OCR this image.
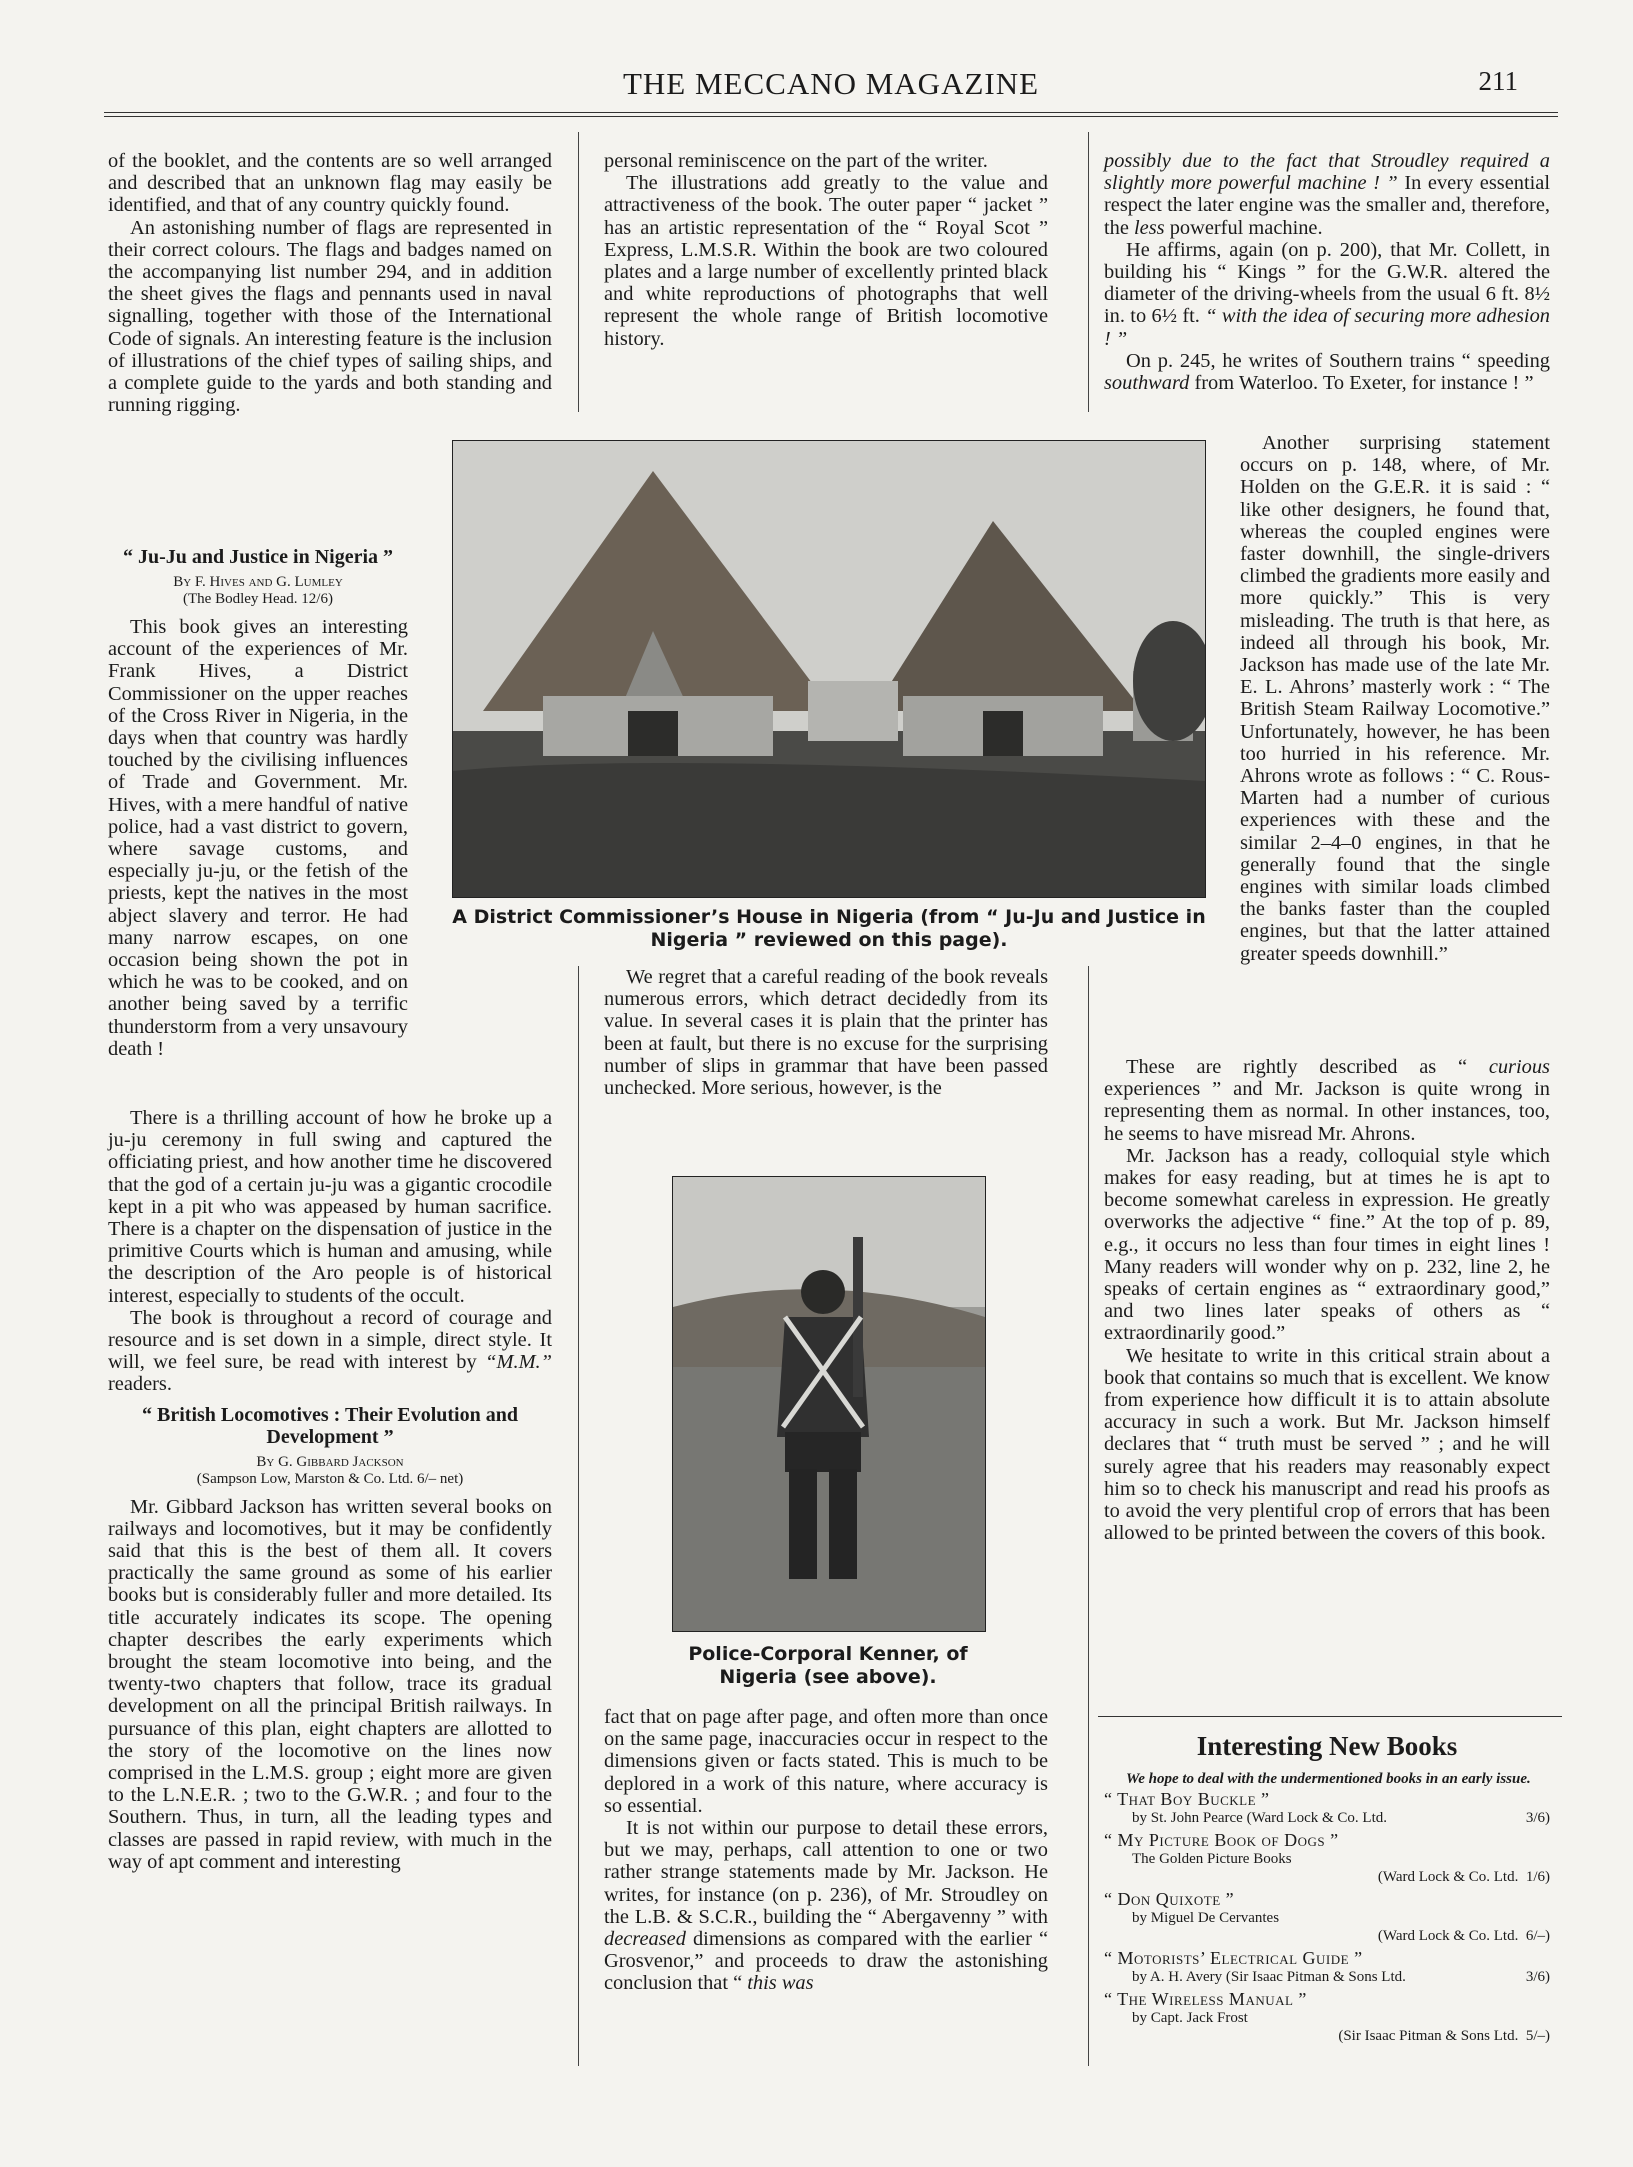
THE MECCANO MAGAZINE	211

of the booklet, and the contents are so well arranged and described that an unknown flag may easily be identified, and that of any country quickly found.

An astonishing number of flags are represented in their correct colours. The flags and badges named on the accompanying list number 294, and in addition the sheet gives the flags and pennants used in naval signalling, together with those of the International Code of signals. An interesting feature is the inclusion of illustrations of the chief types of sailing ships, and a complete guide to the yards and both standing and running rigging.

“ Ju-Ju and Justice in Nigeria ”
By F. Hives and G. Lumley
(The Bodley Head. 12/6)

This book gives an interesting account of the experiences of Mr. Frank Hives, a District Commissioner on the upper reaches of the Cross River in Nigeria, in the days when that country was hardly touched by the civilising influences of Trade and Government. Mr. Hives, with a mere handful of native police, had a vast district to govern, where savage customs, and especially ju-ju, or the fetish of the priests, kept the natives in the most abject slavery and terror. He had many narrow escapes, on one occasion being shown the pot in which he was to be cooked, and on another being saved by a terrific thunderstorm from a very unsavoury death !

There is a thrilling account of how he broke up a ju-ju ceremony in full swing and captured the officiating priest, and how another time he discovered that the god of a certain ju-ju was a gigantic crocodile kept in a pit who was appeased by human sacrifice. There is a chapter on the dispensation of justice in the primitive Courts which is human and amusing, while the description of the Aro people is of historical interest, especially to students of the occult.

The book is throughout a record of courage and resource and is set down in a simple, direct style. It will, we feel sure, be read with interest by “M.M.” readers.

“ British Locomotives : Their Evolution and Development ”
By G. Gibbard Jackson
(Sampson Low, Marston & Co. Ltd. 6/– net)

Mr. Gibbard Jackson has written several books on railways and locomotives, but it may be confidently said that this is the best of them all. It covers practically the same ground as some of his earlier books but is considerably fuller and more detailed. Its title accurately indicates its scope. The opening chapter describes the early experiments which brought the steam locomotive into being, and the twenty-two chapters that follow, trace its gradual development on all the principal British railways. In pursuance of this plan, eight chapters are allotted to the story of the locomotive on the lines now comprised in the L.M.S. group ; eight more are given to the L.N.E.R. ; two to the G.W.R. ; and four to the Southern. Thus, in turn, all the leading types and classes are passed in rapid review, with much in the way of apt comment and interesting

personal reminiscence on the part of the writer.

The illustrations add greatly to the value and attractiveness of the book. The outer paper “ jacket ” has an artistic representation of the “ Royal Scot ” Express, L.M.S.R. Within the book are two coloured plates and a large number of excellently printed black and white reproductions of photographs that well represent the whole range of British locomotive history.

A District Commissioner’s House in Nigeria (from “ Ju-Ju and Justice in Nigeria ” reviewed on this page).

We regret that a careful reading of the book reveals numerous errors, which detract decidedly from its value. In several cases it is plain that the printer has been at fault, but there is no excuse for the surprising number of slips in grammar that have been passed unchecked. More serious, however, is the

Police-Corporal Kenner, of Nigeria (see above).

fact that on page after page, and often more than once on the same page, inaccuracies occur in respect to the dimensions given or facts stated. This is much to be deplored in a work of this nature, where accuracy is so essential.

It is not within our purpose to detail these errors, but we may, perhaps, call attention to one or two rather strange statements made by Mr. Jackson. He writes, for instance (on p. 236), of Mr. Stroudley on the L.B. & S.C.R., building the “ Abergavenny ” with decreased dimensions as compared with the earlier “ Grosvenor,” and proceeds to draw the astonishing conclusion that “ this was

possibly due to the fact that Stroudley required a slightly more powerful machine ! ” In every essential respect the later engine was the smaller and, therefore, the less powerful machine.

He affirms, again (on p. 200), that Mr. Collett, in building his “ Kings ” for the G.W.R. altered the diameter of the driving-wheels from the usual 6 ft. 8½ in. to 6½ ft. “ with the idea of securing more adhesion ! ”

On p. 245, he writes of Southern trains “ speeding southward from Waterloo. To Exeter, for instance ! ”

Another surprising statement occurs on p. 148, where, of Mr. Holden on the G.E.R. it is said : “ like other designers, he found that, whereas the coupled engines were faster downhill, the single-drivers climbed the gradients more easily and more quickly.” This is very misleading. The truth is that here, as indeed all through his book, Mr. Jackson has made use of the late Mr. E. L. Ahrons’ masterly work : “ The British Steam Railway Locomotive.” Unfortunately, however, he has been too hurried in his reference. Mr. Ahrons wrote as follows : “ C. Rous-Marten had a number of curious experiences with these and the similar 2–4–0 engines, in that he generally found that the single engines with similar loads climbed the banks faster than the coupled engines, but that the latter attained greater speeds downhill.”

These are rightly described as “ curious experiences ” and Mr. Jackson is quite wrong in representing them as normal. In other instances, too, he seems to have misread Mr. Ahrons.

Mr. Jackson has a ready, colloquial style which makes for easy reading, but at times he is apt to become somewhat careless in expression. He greatly overworks the adjective “ fine.” At the top of p. 89, e.g., it occurs no less than four times in eight lines ! Many readers will wonder why on p. 232, line 2, he speaks of certain engines as “ extraordinary good,” and two lines later speaks of others as “ extraordinarily good.”

We hesitate to write in this critical strain about a book that contains so much that is excellent. We know from experience how difficult it is to attain absolute accuracy in such a work. But Mr. Jackson himself declares that “ truth must be served ” ; and he will surely agree that his readers may reasonably expect him so to check his manuscript and read his proofs as to avoid the very plentiful crop of errors that has been allowed to be printed between the covers of this book.

Interesting New Books

We hope to deal with the undermentioned books in an early issue.

“ That Boy Buckle ”
by St. John Pearce (Ward Lock & Co. Ltd.	3/6)
“ My Picture Book of Dogs ”
The Golden Picture Books
(Ward Lock & Co. Ltd. 1/6)
“ Don Quixote ”
by Miguel De Cervantes
(Ward Lock & Co. Ltd. 6/–)
“ Motorists’ Electrical Guide ”
by A. H. Avery (Sir Isaac Pitman & Sons Ltd.	3/6)
“ The Wireless Manual ”
by Capt. Jack Frost
(Sir Isaac Pitman & Sons Ltd. 5/–)
